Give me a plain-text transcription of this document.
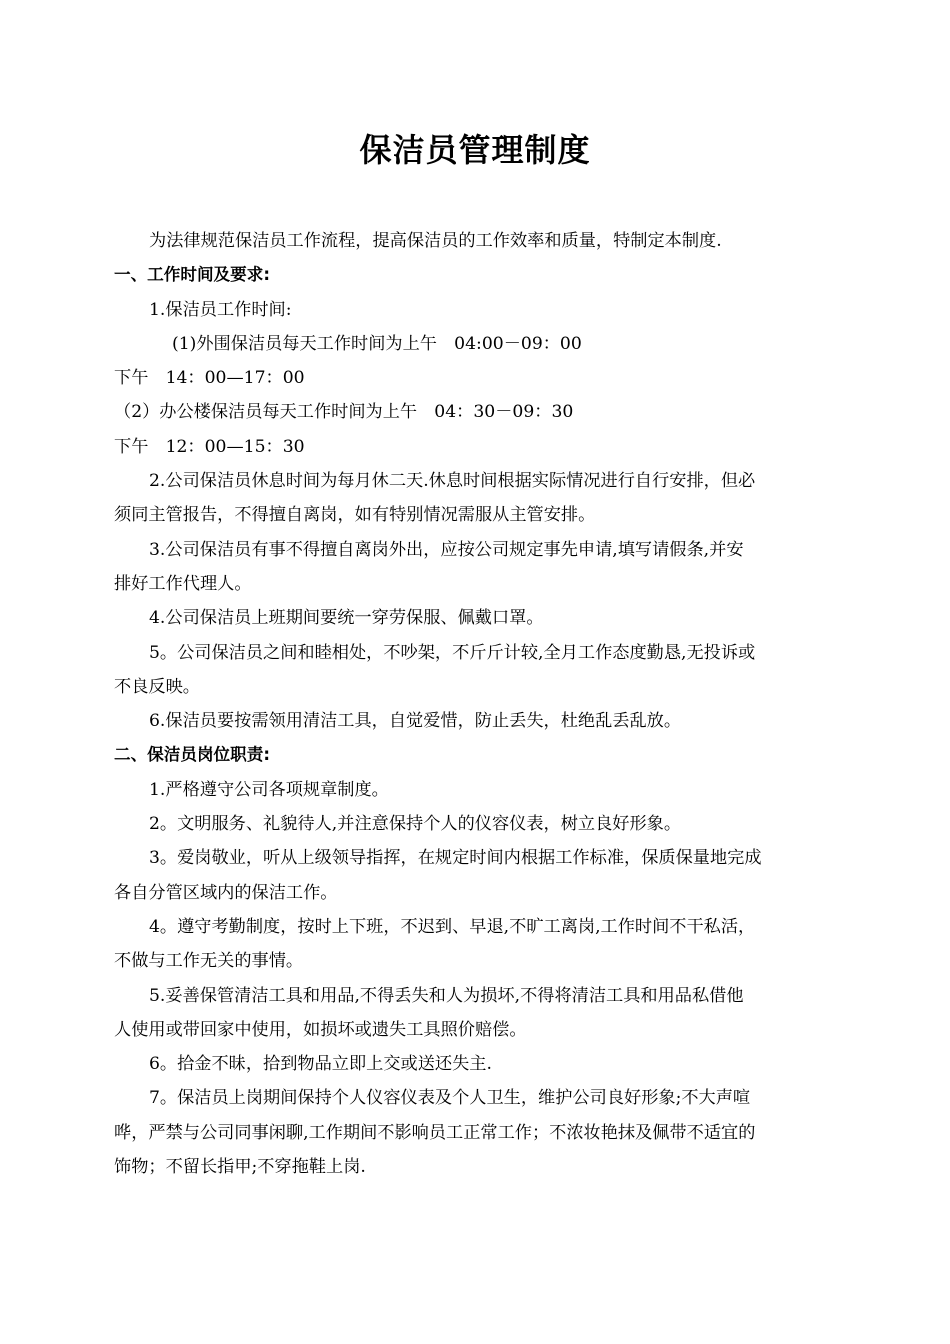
保洁员管理制度

为法律规范保洁员工作流程，提高保洁员的工作效率和质量，特制定本制度.

一、工作时间及要求:

1.保洁员工作时间:

(1)外围保洁员每天工作时间为上午　04:00－09：00

下午　14：00—17：00

（2）办公楼保洁员每天工作时间为上午　04：30－09：30

下午　12：00—15：30

2.公司保洁员休息时间为每月休二天.休息时间根据实际情况进行自行安排，但必

须同主管报告，不得擅自离岗，如有特别情况需服从主管安排。

3.公司保洁员有事不得擅自离岗外出，应按公司规定事先申请,填写请假条,并安

排好工作代理人。

4.公司保洁员上班期间要统一穿劳保服、佩戴口罩。

5。公司保洁员之间和睦相处，不吵架，不斤斤计较,全月工作态度勤恳,无投诉或

不良反映。

6.保洁员要按需领用清洁工具，自觉爱惜，防止丢失，杜绝乱丢乱放。

二、保洁员岗位职责:

1.严格遵守公司各项规章制度。

2。文明服务、礼貌待人,并注意保持个人的仪容仪表，树立良好形象。

3。爱岗敬业，听从上级领导指挥，在规定时间内根据工作标准，保质保量地完成

各自分管区域内的保洁工作。

4。遵守考勤制度，按时上下班，不迟到、早退,不旷工离岗,工作时间不干私活，

不做与工作无关的事情。

5.妥善保管清洁工具和用品,不得丢失和人为损坏,不得将清洁工具和用品私借他

人使用或带回家中使用，如损坏或遗失工具照价赔偿。

6。拾金不昧，拾到物品立即上交或送还失主.

7。保洁员上岗期间保持个人仪容仪表及个人卫生，维护公司良好形象;不大声喧

哗，严禁与公司同事闲聊,工作期间不影响员工正常工作；不浓妆艳抹及佩带不适宜的

饰物；不留长指甲;不穿拖鞋上岗.
